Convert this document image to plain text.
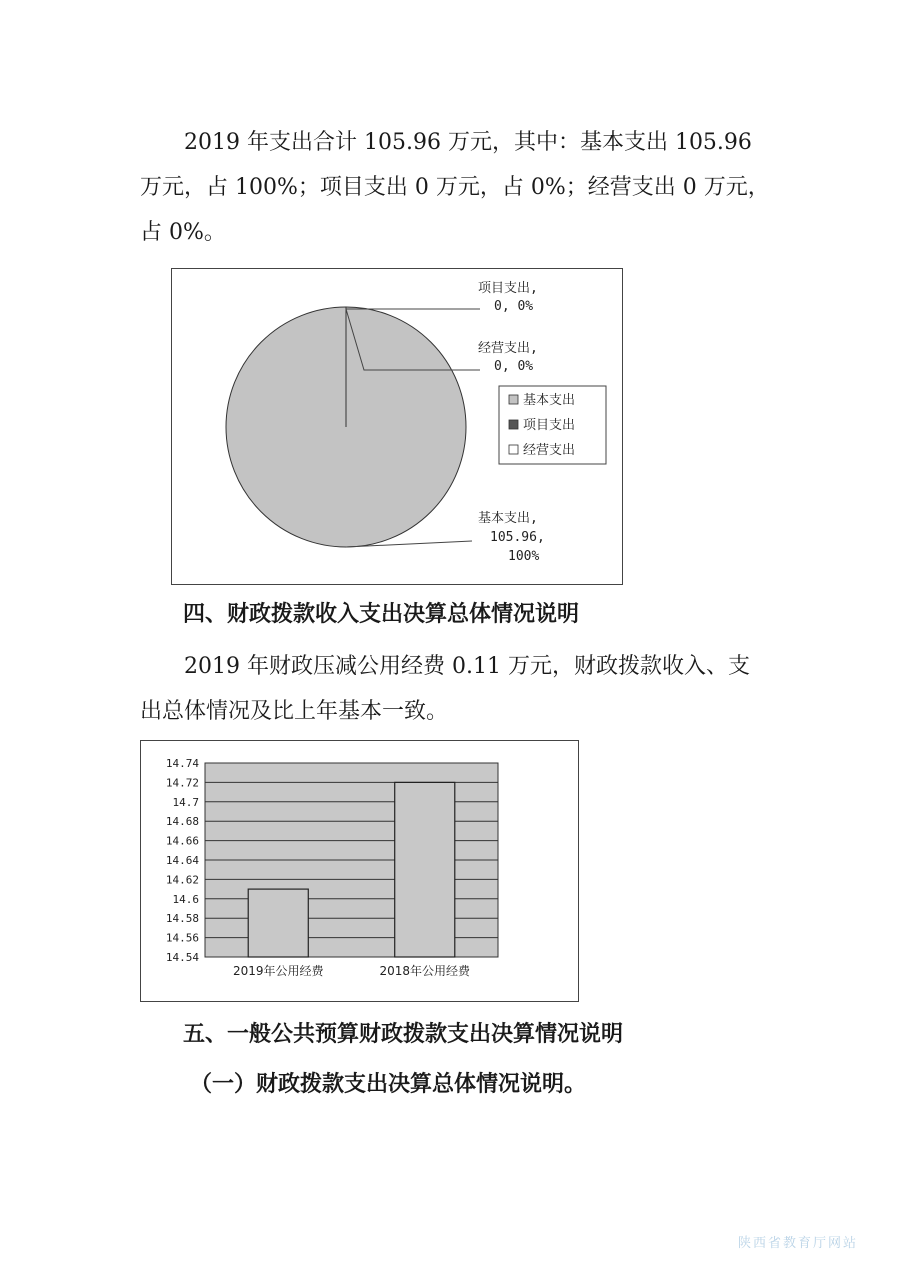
2019 年支出合计 105.96 万元，其中：基本支出 105.96 万元，占 100%；项目支出 0 万元，占 0%；经营支出 0 万元，占 0%。

项目支出,
0, 0%
经营支出,
0, 0%
基本支出,
105.96,
100%
基本支出
项目支出
经营支出
四、财政拨款收入支出决算总体情况说明

2019 年财政压减公用经费 0.11 万元，财政拨款收入、支出总体情况及比上年基本一致。

14.74
14.72
14.7
14.68
14.66
14.64
14.62
14.6
14.58
14.56
14.54
2019年公用经费	2018年公用经费
五、一般公共预算财政拨款支出决算情况说明
（一）财政拨款支出决算总体情况说明。
陕西省教育厅网站
